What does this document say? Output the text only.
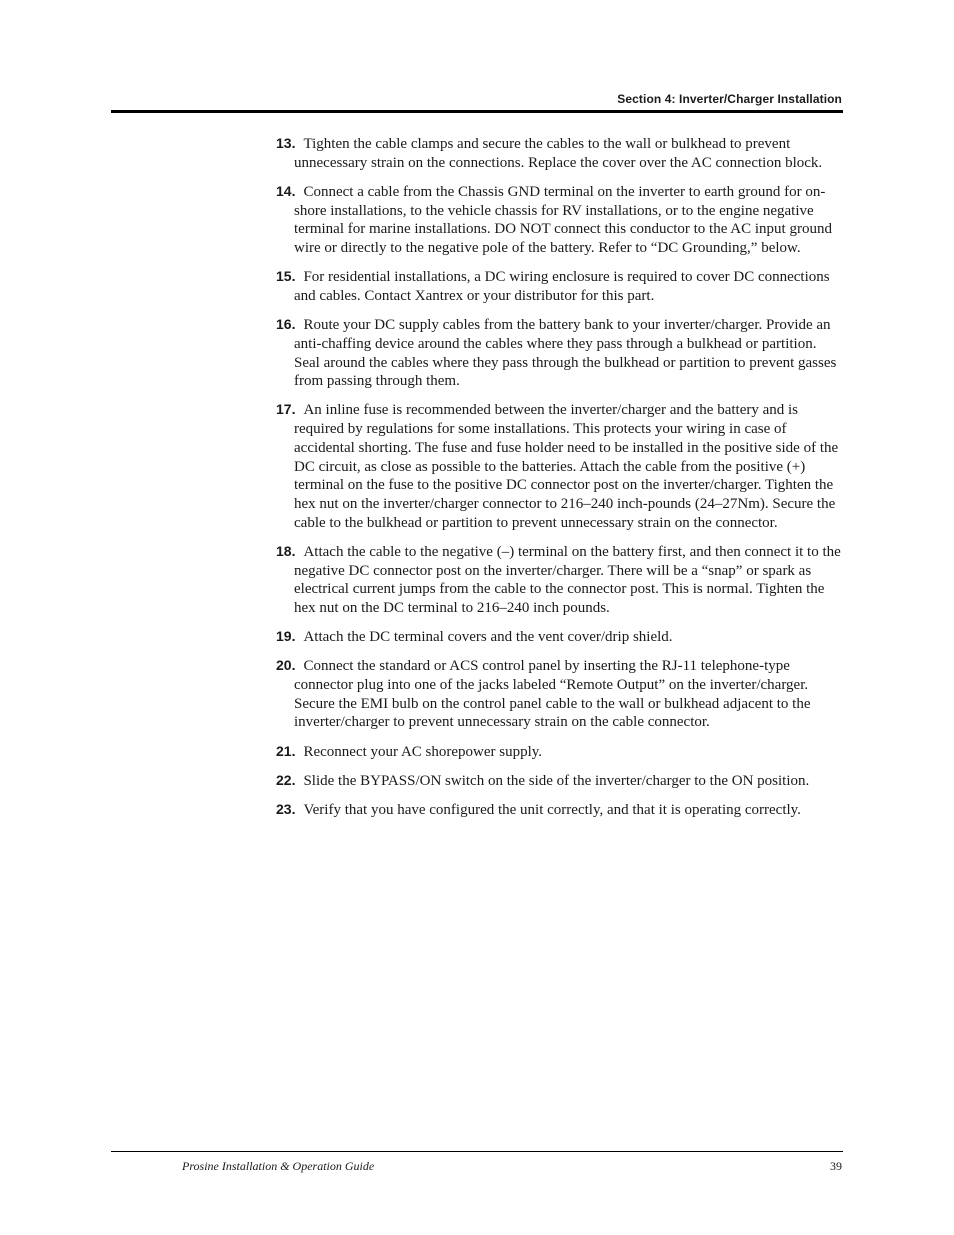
Section 4: Inverter/Charger Installation
13. Tighten the cable clamps and secure the cables to the wall or bulkhead to prevent unnecessary strain on the connections. Replace the cover over the AC connection block.
14. Connect a cable from the Chassis GND terminal on the inverter to earth ground for on-shore installations, to the vehicle chassis for RV installations, or to the engine negative terminal for marine installations. DO NOT connect this conductor to the AC input ground wire or directly to the negative pole of the battery. Refer to “DC Grounding,” below.
15. For residential installations, a DC wiring enclosure is required to cover DC connections and cables. Contact Xantrex or your distributor for this part.
16. Route your DC supply cables from the battery bank to your inverter/charger. Provide an anti-chaffing device around the cables where they pass through a bulkhead or partition. Seal around the cables where they pass through the bulkhead or partition to prevent gasses from passing through them.
17. An inline fuse is recommended between the inverter/charger and the battery and is required by regulations for some installations. This protects your wiring in case of accidental shorting. The fuse and fuse holder need to be installed in the positive side of the DC circuit, as close as possible to the batteries. Attach the cable from the positive (+) terminal on the fuse to the positive DC connector post on the inverter/charger. Tighten the hex nut on the inverter/charger connector to 216–240 inch-pounds (24–27Nm). Secure the cable to the bulkhead or partition to prevent unnecessary strain on the connector.
18. Attach the cable to the negative (–) terminal on the battery first, and then connect it to the negative DC connector post on the inverter/charger. There will be a “snap” or spark as electrical current jumps from the cable to the connector post. This is normal. Tighten the hex nut on the DC terminal to 216–240 inch pounds.
19. Attach the DC terminal covers and the vent cover/drip shield.
20. Connect the standard or ACS control panel by inserting the RJ-11 telephone-type connector plug into one of the jacks labeled “Remote Output” on the inverter/charger. Secure the EMI bulb on the control panel cable to the wall or bulkhead adjacent to the inverter/charger to prevent unnecessary strain on the cable connector.
21. Reconnect your AC shorepower supply.
22. Slide the BYPASS/ON switch on the side of the inverter/charger to the ON position.
23. Verify that you have configured the unit correctly, and that it is operating correctly.
Prosine Installation & Operation Guide	39
